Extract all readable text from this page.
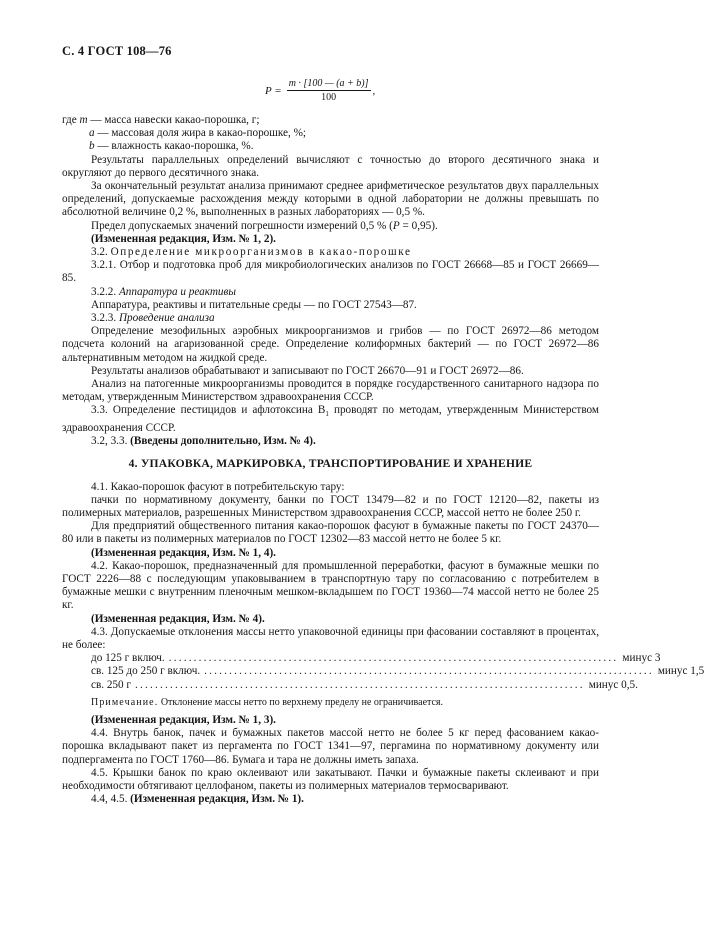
С. 4 ГОСТ 108—76
$P = \frac{m \cdot [100 — (a + b)]}{100}$ ,

где m — масса навески какао-порошка, г;

a — массовая доля жира в какао-порошке, %;

b — влажность какао-порошка, %.

Результаты параллельных определений вычисляют с точностью до второго десятичного знака и округляют до первого десятичного знака.

За окончательный результат анализа принимают среднее арифметическое результатов двух параллельных определений, допускаемые расхождения между которыми в одной лаборатории не должны превышать по абсолютной величине 0,2 %, выполненных в разных лабораториях — 0,5 %.

Предел допускаемых значений погрешности измерений 0,5 % (P = 0,95).

(Измененная редакция, Изм. № 1, 2).

3.2. Определение микроорганизмов в какао-порошке

3.2.1. Отбор и подготовка проб для микробиологических анализов по ГОСТ 26668—85 и ГОСТ 26669—85.

3.2.2. Аппаратура и реактивы

Аппаратура, реактивы и питательные среды — по ГОСТ 27543—87.

3.2.3. Проведение анализа

Определение мезофильных аэробных микроорганизмов и грибов — по ГОСТ 26972—86 методом подсчета колоний на агаризованной среде. Определение колиформных бактерий — по ГОСТ 26972—86 альтернативным методом на жидкой среде.

Результаты анализов обрабатывают и записывают по ГОСТ 26670—91 и ГОСТ 26972—86.

Анализ на патогенные микроорганизмы проводится в порядке государственного санитарного надзора по методам, утвержденным Министерством здравоохранения СССР.

3.3. Определение пестицидов и афлотоксина $B_1$ проводят по методам, утвержденным Министерством здравоохранения СССР.

3.2, 3.3. (Введены дополнительно, Изм. № 4).

4. УПАКОВКА, МАРКИРОВКА, ТРАНСПОРТИРОВАНИЕ И ХРАНЕНИЕ

4.1. Какао-порошок фасуют в потребительскую тару:

пачки по нормативному документу, банки по ГОСТ 13479—82 и по ГОСТ 12120—82, пакеты из полимерных материалов, разрешенных Министерством здравоохранения СССР, массой нетто не более 250 г.

Для предприятий общественного питания какао-порошок фасуют в бумажные пакеты по ГОСТ 24370—80 или в пакеты из полимерных материалов по ГОСТ 12302—83 массой нетто не более 5 кг.

(Измененная редакция, Изм. № 1, 4).

4.2. Какао-порошок, предназначенный для промышленной переработки, фасуют в бумажные мешки по ГОСТ 2226—88 с последующим упаковыванием в транспортную тару по согласованию с потребителем в бумажные мешки с внутренним пленочным мешком-вкладышем по ГОСТ 19360—74 массой нетто не более 25 кг.

(Измененная редакция, Изм. № 4).

4.3. Допускаемые отклонения массы нетто упаковочной единицы при фасовании составляют в процентах, не более:

до 125 г включ. .......................................................................................... минус 3
св. 125 до 250 г включ. .......................................................................................... минус 1,5
св. 250 г .......................................................................................... минус 0,5.

Примечание. Отклонение массы нетто по верхнему пределу не ограничивается.

(Измененная редакция, Изм. № 1, 3).

4.4. Внутрь банок, пачек и бумажных пакетов массой нетто не более 5 кг перед фасованием какао-порошка вкладывают пакет из пергамента по ГОСТ 1341—97, пергамина по нормативному документу или подпергамента по ГОСТ 1760—86. Бумага и тара не должны иметь запаха.

4.5. Крышки банок по краю оклеивают или закатывают. Пачки и бумажные пакеты склеивают и при необходимости обтягивают целлофаном, пакеты из полимерных материалов термосваривают.

4.4, 4.5. (Измененная редакция, Изм. № 1).
